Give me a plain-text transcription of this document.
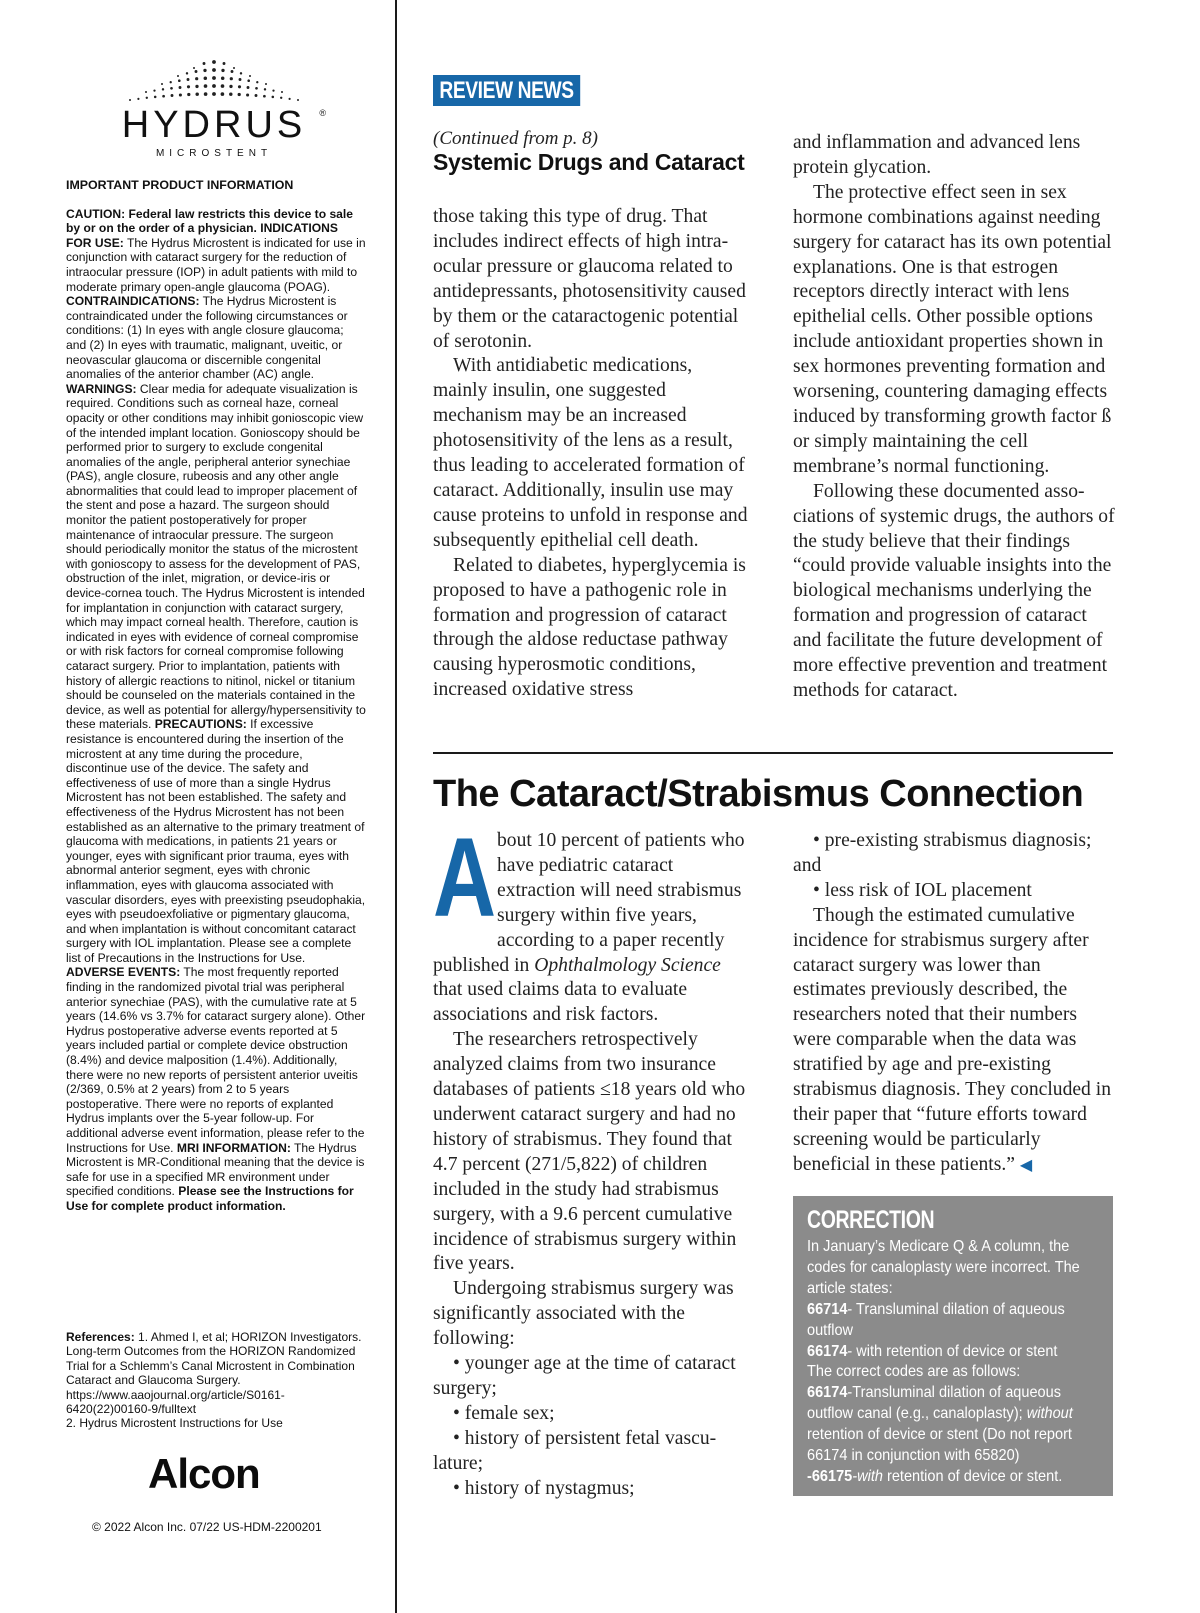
HYDRUS	®
MICROSTENT
IMPORTANT PRODUCT INFORMATION
CAUTION: Federal law restricts this device to sale by or on the order of a physician. INDICATIONS FOR USE: The Hydrus Microstent is indicated for use in conjunction with cataract surgery for the reduction of intraocular pressure (IOP) in adult patients with mild to moderate primary open-angle glaucoma (POAG). CONTRAINDICATIONS: The Hydrus Microstent is contraindicated under the following circumstances or conditions: (1) In eyes with angle closure glaucoma; and (2) In eyes with traumatic, malignant, uveitic, or neovascular glaucoma or discernible congenital anomalies of the anterior chamber (AC) angle. WARNINGS: Clear media for adequate visualization is required. Conditions such as corneal haze, corneal opacity or other conditions may inhibit gonioscopic view of the intended implant location. Gonioscopy should be performed prior to surgery to exclude congenital anomalies of the angle, peripheral anterior synechiae (PAS), angle closure, rubeosis and any other angle abnormalities that could lead to improper placement of the stent and pose a hazard. The surgeon should monitor the patient postoperatively for proper maintenance of intraocular pressure. The surgeon should periodically monitor the status of the microstent with gonioscopy to assess for the development of PAS, obstruction of the inlet, migration, or device-iris or device-cornea touch. The Hydrus Microstent is intended for implantation in conjunction with cataract surgery, which may impact corneal health. Therefore, caution is indicated in eyes with evidence of corneal compromise or with risk factors for corneal compromise following cataract surgery. Prior to implantation, patients with history of allergic reactions to nitinol, nickel or titanium should be counseled on the materials contained in the device, as well as potential for allergy/hypersensitivity to these materials. PRECAUTIONS: If excessive resistance is encountered during the insertion of the microstent at any time during the procedure, discontinue use of the device. The safety and effectiveness of use of more than a single Hydrus Microstent has not been established. The safety and effectiveness of the Hydrus Microstent has not been established as an alternative to the primary treatment of glaucoma with medications, in patients 21 years or younger, eyes with significant prior trauma, eyes with abnormal anterior segment, eyes with chronic inflammation, eyes with glaucoma associated with vascular disorders, eyes with preexisting pseudophakia, eyes with pseudoexfoliative or pigmentary glaucoma, and when implantation is without concomitant cataract surgery with IOL implantation. Please see a complete list of Precautions in the Instructions for Use. ADVERSE EVENTS: The most frequently reported finding in the randomized pivotal trial was peripheral anterior synechiae (PAS), with the cumulative rate at 5 years (14.6% vs 3.7% for cataract surgery alone). Other Hydrus postoperative adverse events reported at 5 years included partial or complete device obstruction (8.4%) and device malposition (1.4%). Additionally, there were no new reports of persistent anterior uveitis (2/369, 0.5% at 2 years) from 2 to 5 years postoperative. There were no reports of explanted Hydrus implants over the 5-year follow-up. For additional adverse event information, please refer to the Instructions for Use. MRI INFORMATION: The Hydrus Microstent is MR-Conditional meaning that the device is safe for use in a specified MR environment under specified conditions. Please see the Instructions for Use for complete product information.
References: 1. Ahmed I, et al; HORIZON Investigators. Long-term Outcomes from the HORIZON Randomized Trial for a Schlemm’s Canal Microstent in Combination Cataract and Glaucoma Surgery. https://www.aaojournal.org/article/S0161-6420(22)00160-9/fulltext
2. Hydrus Microstent Instructions for Use
Alcon
© 2022 Alcon Inc. 07/22 US-HDM-2200201
REVIEW NEWS
(Continued from p. 8)
Systemic Drugs and Cataract

those taking this type of drug. That includes indirect effects of high intraocular pressure or glaucoma related to antidepressants, photosensitivity caused by them or the cataractogenic potential of serotonin.

With antidiabetic medications, mainly insulin, one suggested mechanism may be an increased photosensitivity of the lens as a result, thus leading to accelerated formation of cataract. Additionally, insulin use may cause proteins to unfold in response and subsequently epithelial cell death.

Related to diabetes, hyperglycemia is proposed to have a pathogenic role in formation and progression of cataract through the aldose reductase pathway causing hyperosmotic conditions, increased oxidative stress

and inflammation and advanced lens protein glycation.

The protective effect seen in sex hormone combinations against needing surgery for cataract has its own potential explanations. One is that estrogen receptors directly interact with lens epithelial cells. Other possible options include antioxidant properties shown in sex hormones preventing formation and worsening, countering damaging effects induced by transforming growth factor ß or simply maintaining the cell membrane’s normal functioning.

Following these documented associations of systemic drugs, the authors of the study believe that their findings “could provide valuable insights into the biological mechanisms underlying the formation and progression of cataract and facilitate the future development of more effective prevention and treatment methods for cataract.

The Cataract/Strabismus Connection

About 10 percent of patients who have pediatric cataract extraction will need strabismus surgery within five years, according to a paper recently published in Ophthalmology Science that used claims data to evaluate associations and risk factors.

The researchers retrospectively analyzed claims from two insurance databases of patients ≤18 years old who underwent cataract surgery and had no history of strabismus. They found that 4.7 percent (271/5,822) of children included in the study had strabismus surgery, with a 9.6 percent cumulative incidence of strabismus surgery within five years.

Undergoing strabismus surgery was significantly associated with the following:

• younger age at the time of cataract surgery;

• female sex;

• history of persistent fetal vasculature;

• history of nystagmus;

• pre-existing strabismus diagnosis; and

• less risk of IOL placement

Though the estimated cumulative incidence for strabismus surgery after cataract surgery was lower than estimates previously described, the researchers noted that their numbers were comparable when the data was stratified by age and pre-existing strabismus diagnosis. They concluded in their paper that “future efforts toward screening would be particularly beneficial in these patients.” ◀

CORRECTION
In January’s Medicare Q & A column, the codes for canaloplasty were incorrect. The article states:
66714- Transluminal dilation of aqueous outflow
66174- with retention of device or stent
The correct codes are as follows:
66174-Transluminal dilation of aqueous outflow canal (e.g., canaloplasty); without retention of device or stent (Do not report 66174 in conjunction with 65820)
-66175-with retention of device or stent.
